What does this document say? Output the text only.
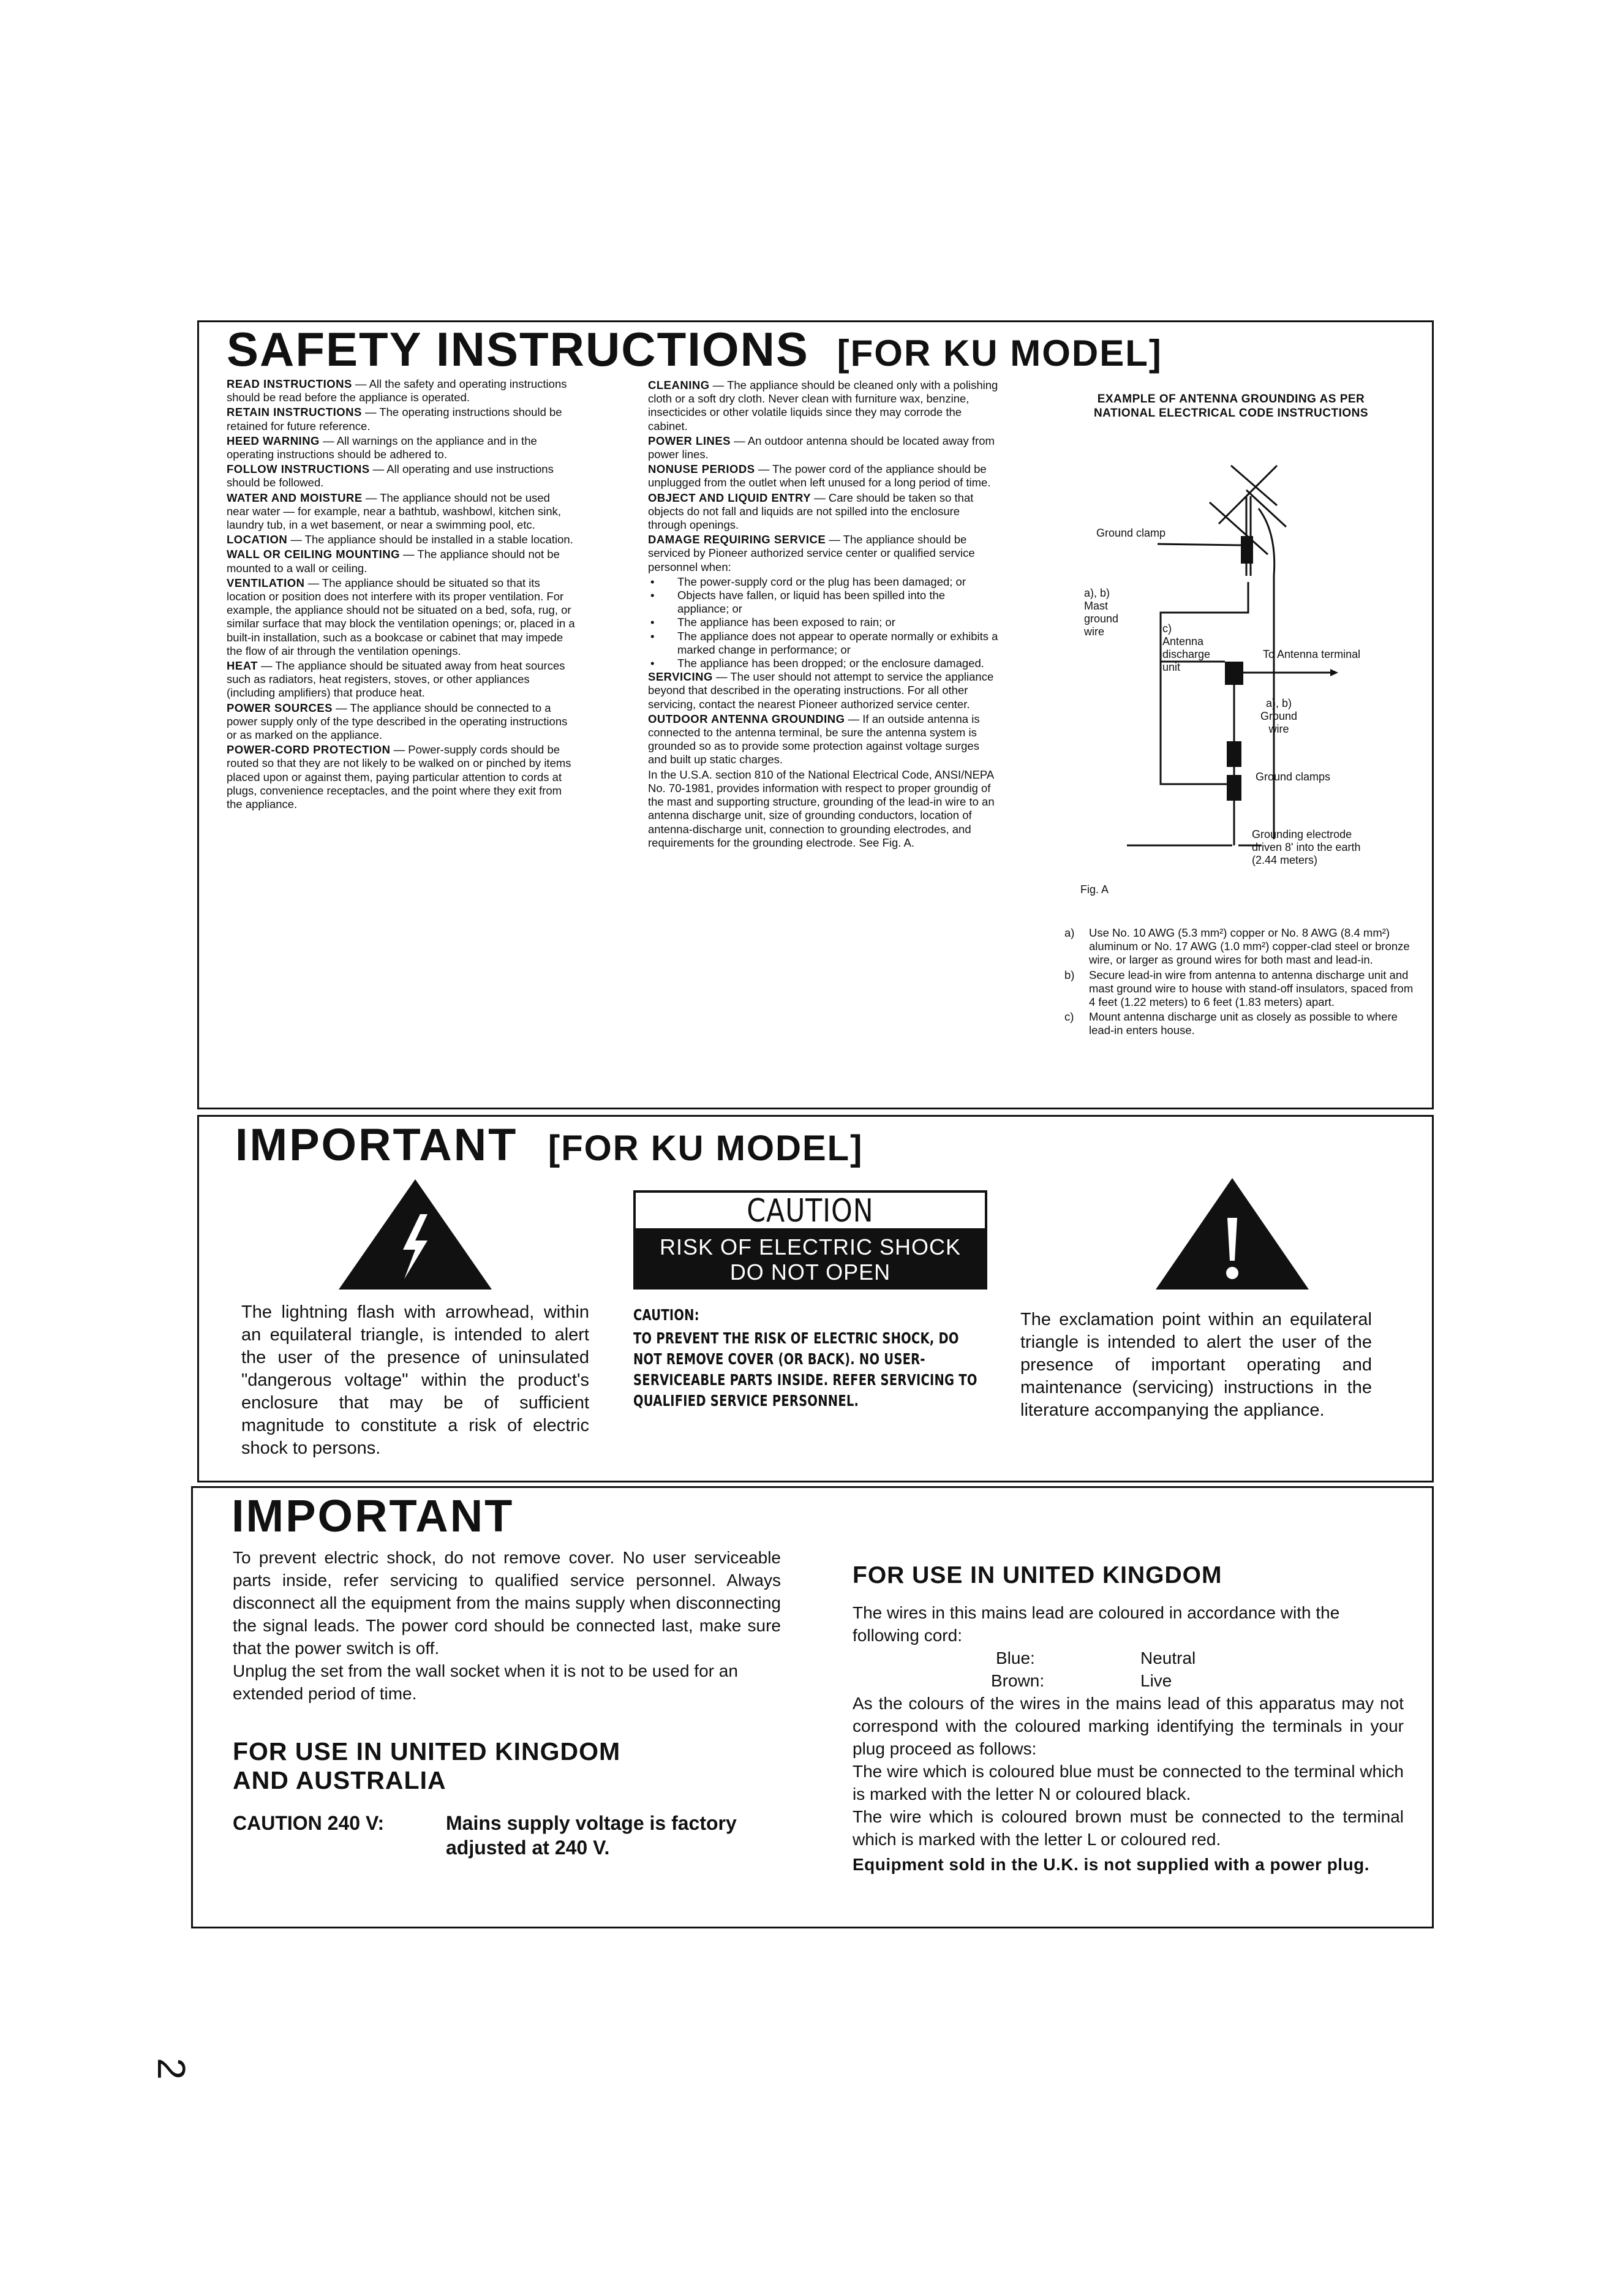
SAFETY INSTRUCTIONS [FOR KU MODEL]

READ INSTRUCTIONS — All the safety and operating instructions should be read before the appliance is operated.

RETAIN INSTRUCTIONS — The operating instructions should be retained for future reference.

HEED WARNING — All warnings on the appliance and in the operating instructions should be adhered to.

FOLLOW INSTRUCTIONS — All operating and use instructions should be followed.

WATER AND MOISTURE — The appliance should not be used near water — for example, near a bathtub, washbowl, kitchen sink, laundry tub, in a wet basement, or near a swimming pool, etc.

LOCATION — The appliance should be installed in a stable location.

WALL OR CEILING MOUNTING — The appliance should not be mounted to a wall or ceiling.

VENTILATION — The appliance should be situated so that its location or position does not interfere with its proper ventilation. For example, the appliance should not be situated on a bed, sofa, rug, or similar surface that may block the ventilation openings; or, placed in a built-in installation, such as a bookcase or cabinet that may impede the flow of air through the ventilation openings.

HEAT — The appliance should be situated away from heat sources such as radiators, heat registers, stoves, or other appliances (including amplifiers) that produce heat.

POWER SOURCES — The appliance should be connected to a power supply only of the type described in the operating instructions or as marked on the appliance.

POWER-CORD PROTECTION — Power-supply cords should be routed so that they are not likely to be walked on or pinched by items placed upon or against them, paying particular attention to cords at plugs, convenience receptacles, and the point where they exit from the appliance.

CLEANING — The appliance should be cleaned only with a polishing cloth or a soft dry cloth. Never clean with furniture wax, benzine, insecticides or other volatile liquids since they may corrode the cabinet.

POWER LINES — An outdoor antenna should be located away from power lines.

NONUSE PERIODS — The power cord of the appliance should be unplugged from the outlet when left unused for a long period of time.

OBJECT AND LIQUID ENTRY — Care should be taken so that objects do not fall and liquids are not spilled into the enclosure through openings.

DAMAGE REQUIRING SERVICE — The appliance should be serviced by Pioneer authorized service center or qualified service personnel when:

• The power-supply cord or the plug has been damaged; or

• Objects have fallen, or liquid has been spilled into the appliance; or

• The appliance has been exposed to rain; or

• The appliance does not appear to operate normally or exhibits a marked change in performance; or

• The appliance has been dropped; or the enclosure damaged.

SERVICING — The user should not attempt to service the appliance beyond that described in the operating instructions. For all other servicing, contact the nearest Pioneer authorized service center.

OUTDOOR ANTENNA GROUNDING — If an outside antenna is connected to the antenna terminal, be sure the antenna system is grounded so as to provide some protection against voltage surges and built up static charges.

In the U.S.A. section 810 of the National Electrical Code, ANSI/NEPA No. 70-1981, provides information with respect to proper groundig of the mast and supporting structure, grounding of the lead-in wire to an antenna discharge unit, size of grounding conductors, location of antenna-discharge unit, connection to grounding electrodes, and requirements for the grounding electrode. See Fig. A.

EXAMPLE OF ANTENNA GROUNDING AS PER NATIONAL ELECTRICAL CODE INSTRUCTIONS
Ground clamp
a), b)
Mast
ground
wire	c)
Antenna
discharge
unit
To Antenna terminal
a), b)
Ground
wire
Ground clamps
Grounding electrode
driven 8' into the earth
(2.44 meters)
Fig. A

a) Use No. 10 AWG (5.3 mm²) copper or No. 8 AWG (8.4 mm²) aluminum or No. 17 AWG (1.0 mm²) copper-clad steel or bronze wire, or larger as ground wires for both mast and lead-in.

b) Secure lead-in wire from antenna to antenna discharge unit and mast ground wire to house with stand-off insulators, spaced from 4 feet (1.22 meters) to 6 feet (1.83 meters) apart.

c) Mount antenna discharge unit as closely as possible to where lead-in enters house.

IMPORTANT [FOR KU MODEL]
The lightning flash with arrowhead, within an equilateral triangle, is intended to alert the user of the presence of uninsulated "dangerous voltage" within the product's enclosure that may be of sufficient magnitude to constitute a risk of electric shock to persons.
CAUTION
RISK OF ELECTRIC SHOCK
DO NOT OPEN
CAUTION:
TO PREVENT THE RISK OF ELECTRIC SHOCK, DO NOT REMOVE COVER (OR BACK). NO USER-SERVICEABLE PARTS INSIDE. REFER SERVICING TO QUALIFIED SERVICE PERSONNEL.
The exclamation point within an equilateral triangle is intended to alert the user of the presence of important operating and maintenance (servicing) instructions in the literature accompanying the appliance.
IMPORTANT
To prevent electric shock, do not remove cover. No user serviceable parts inside, refer servicing to qualified service personnel. Always disconnect all the equipment from the mains supply when disconnecting the signal leads. The power cord should be connected last, make sure that the power switch is off.
Unplug the set from the wall socket when it is not to be used for an extended period of time.
FOR USE IN UNITED KINGDOM
AND AUSTRALIA
CAUTION 240 V:	Mains supply voltage is factory adjusted at 240 V.
FOR USE IN UNITED KINGDOM
The wires in this mains lead are coloured in accordance with the following cord:
Blue:	Neutral
Brown:	Live
As the colours of the wires in the mains lead of this apparatus may not correspond with the coloured marking identifying the terminals in your plug proceed as follows:
The wire which is coloured blue must be connected to the terminal which is marked with the letter N or coloured black.
The wire which is coloured brown must be connected to the terminal which is marked with the letter L or coloured red.
Equipment sold in the U.K. is not supplied with a power plug.
2
